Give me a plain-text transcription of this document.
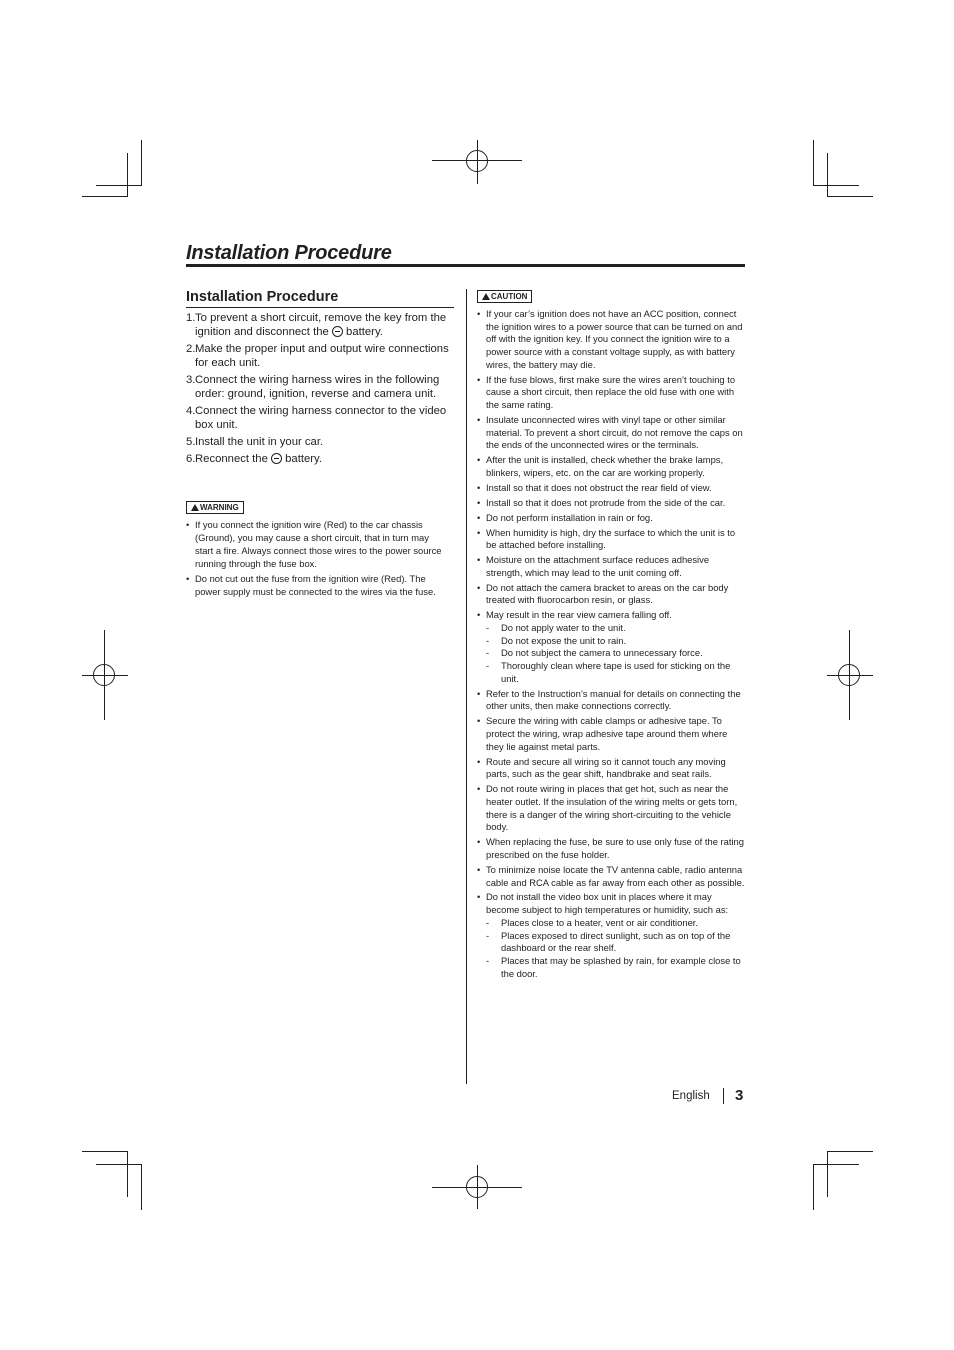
Installation Procedure
Installation Procedure
1. To prevent a short circuit, remove the key from the ignition and disconnect the  battery.
2. Make the proper input and output wire connections for each unit.
3. Connect the wiring harness wires in the following order: ground, ignition, reverse and camera unit.
4. Connect the wiring harness connector to the video box unit.
5. Install the unit in your car.
6. Reconnect the  battery.
WARNING
• If you connect the ignition wire (Red) to the car chassis (Ground), you may cause a short circuit, that in turn may start a fire. Always connect those wires to the power source running through the fuse box.
• Do not cut out the fuse from the ignition wire (Red). The power supply must be connected to the wires via the fuse.
CAUTION
• If your car’s ignition does not have an ACC position, connect the ignition wires to a power source that can be turned on and off with the ignition key. If you connect the ignition wire to a power source with a constant voltage supply, as with battery wires, the battery may die.
• If the fuse blows, first make sure the wires aren’t touching to cause a short circuit, then replace the old fuse with one with the same rating.
• Insulate unconnected wires with vinyl tape or other similar material. To prevent a short circuit, do not remove the caps on the ends of the unconnected wires or the terminals.
• After the unit is installed, check whether the brake lamps, blinkers, wipers, etc. on the car are working properly.
• Install so that it does not obstruct the rear field of view.
• Install so that it does not protrude from the side of the car.
• Do not perform installation in rain or fog.
• When humidity is high, dry the surface to which the unit is to be attached before installing.
• Moisture on the attachment surface reduces adhesive strength, which may lead to the unit coming off.
• Do not attach the camera bracket to areas on the car body treated with fluorocarbon resin, or glass.
• May result in the rear view camera falling off.
- Do not apply water to the unit.
- Do not expose the unit to rain.
- Do not subject the camera to unnecessary force.
- Thoroughly clean where tape is used for sticking on the unit.
• Refer to the Instruction’s manual for details on connecting the other units, then make connections correctly.
• Secure the wiring with cable clamps or adhesive tape. To protect the wiring, wrap adhesive tape around them where they lie against metal parts.
• Route and secure all wiring so it cannot touch any moving parts, such as the gear shift, handbrake and seat rails.
• Do not route wiring in places that get hot, such as near the heater outlet. If the insulation of the wiring melts or gets torn, there is a danger of the wiring short-circuiting to the vehicle body.
• When replacing the fuse, be sure to use only fuse of the rating prescribed on the fuse holder.
• To minimize noise locate the TV antenna cable, radio antenna cable and RCA cable as far away from each other as possible.
• Do not install the video box unit in places where it may become subject to high temperatures or humidity, such as:
- Places close to a heater, vent or air conditioner.
- Places exposed to direct sunlight, such as on top of the dashboard or the rear shelf.
- Places that may be splashed by rain, for example close to the door.
English 3
